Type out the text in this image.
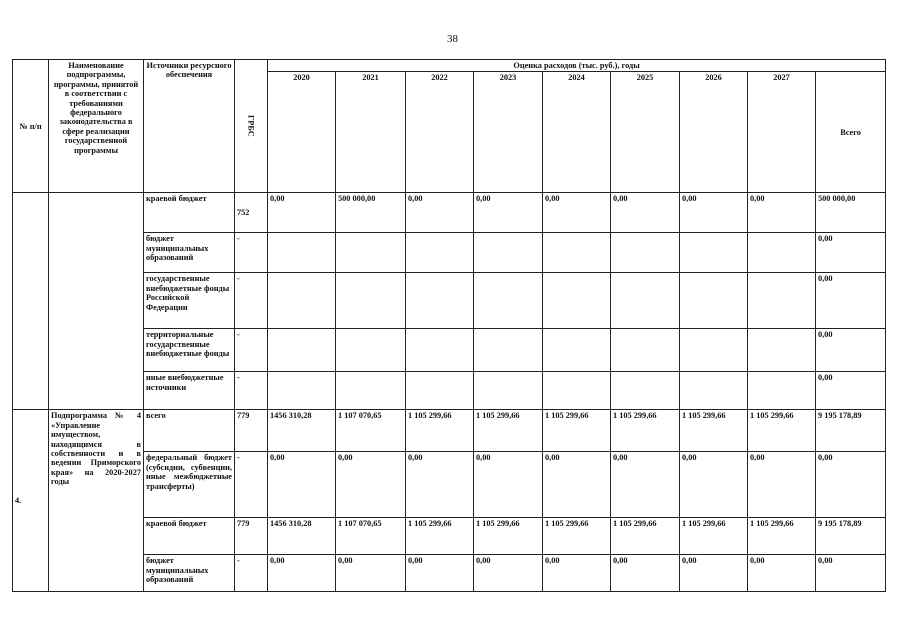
38
№ п/п	Наименование подпрограммы, программы, принятой в соответствии с требованиями федерального законодательства в сфере реализации государственной программы	Источники ресурсного обеспечения	ГРБС	Оценка расходов (тыс. руб.), годы								
				2020	2021	2022	2023	2024	2025	2026	2027	Всего
		краевой бюджет	752	0,00	500 000,00	0,00	0,00	0,00	0,00	0,00	0,00	500 000,00
		бюджет муниципальных образований	-									0,00
		государственные внебюджетные фонды Российской Федерации	-									0,00
		территориальные государственные внебюджетные фонды	-									0,00
		иные внебюджетные источники	-									0,00
4.	Подпрограмма № 4 «Управление имуществом, находящимся в собственности и в ведении Приморского края» на 2020-2027 годы	всего	779	1456 310,28	1 107 070,65	1 105 299,66	1 105 299,66	1 105 299,66	1 105 299,66	1 105 299,66	1 105 299,66	9 195 178,89
		федеральный бюджет (субсидии, субвенции, иные межбюджетные трансферты)	-	0,00	0,00	0,00	0,00	0,00	0,00	0,00	0,00	0,00
		краевой бюджет	779	1456 310,28	1 107 070,65	1 105 299,66	1 105 299,66	1 105 299,66	1 105 299,66	1 105 299,66	1 105 299,66	9 195 178,89
		бюджет муниципальных образований	-	0,00	0,00	0,00	0,00	0,00	0,00	0,00	0,00	0,00
